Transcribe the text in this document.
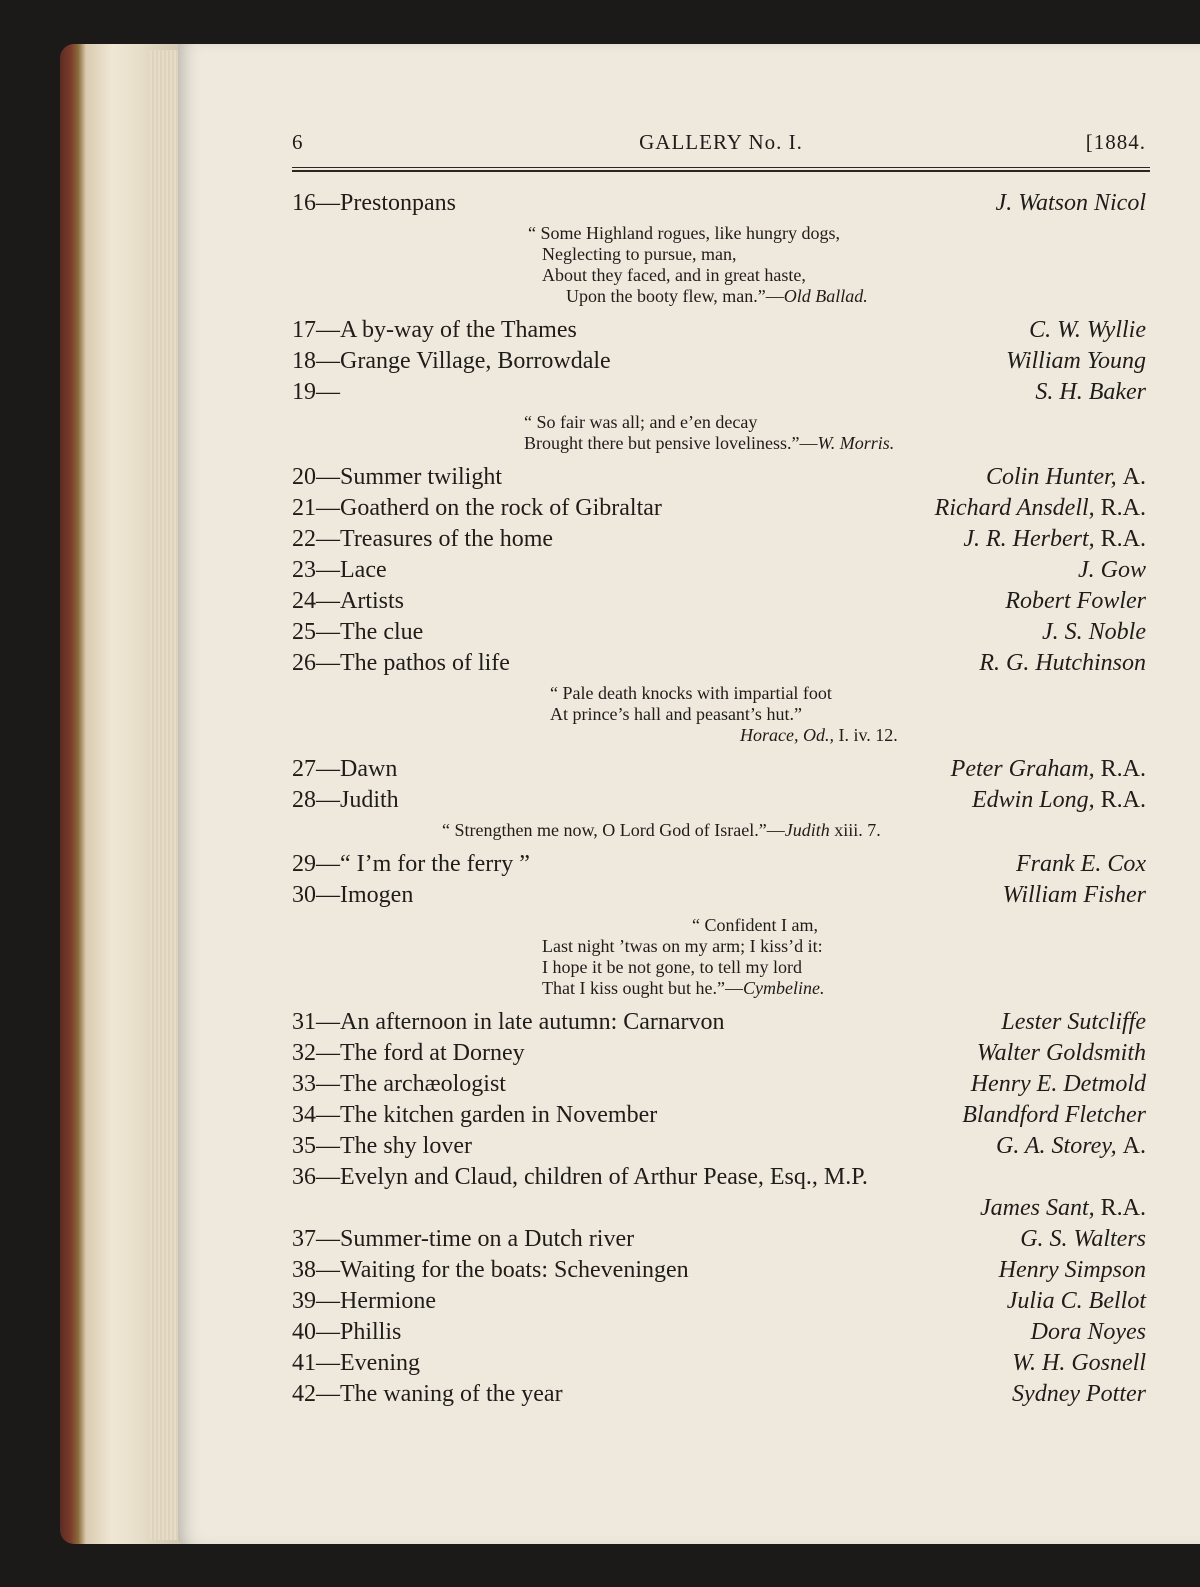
6	GALLERY No. I.	[1884.
16—Prestonpans	J. Watson Nicol
“ Some Highland rogues, like hungry dogs,
Neglecting to pursue, man,
About they faced, and in great haste,
Upon the booty flew, man.”—Old Ballad.
17—A by-way of the Thames	C. W. Wyllie
18—Grange Village, Borrowdale	William Young
19—	S. H. Baker
“ So fair was all; and e’en decay
Brought there but pensive loveliness.”—W. Morris.
20—Summer twilight	Colin Hunter, A.
21—Goatherd on the rock of Gibraltar	Richard Ansdell, R.A.
22—Treasures of the home	J. R. Herbert, R.A.
23—Lace	J. Gow
24—Artists	Robert Fowler
25—The clue	J. S. Noble
26—The pathos of life	R. G. Hutchinson
“ Pale death knocks with impartial foot
At prince’s hall and peasant’s hut.”
Horace, Od., I. iv. 12.
27—Dawn	Peter Graham, R.A.
28—Judith	Edwin Long, R.A.
“ Strengthen me now, O Lord God of Israel.”—Judith xiii. 7.
29—“ I’m for the ferry ”	Frank E. Cox
30—Imogen	William Fisher
“ Confident I am,
Last night ’twas on my arm; I kiss’d it:
I hope it be not gone, to tell my lord
That I kiss ought but he.”—Cymbeline.
31—An afternoon in late autumn: Carnarvon	Lester Sutcliffe
32—The ford at Dorney	Walter Goldsmith
33—The archæologist	Henry E. Detmold
34—The kitchen garden in November	Blandford Fletcher
35—The shy lover	G. A. Storey, A.
36—Evelyn and Claud, children of Arthur Pease, Esq., M.P.
James Sant, R.A.
37—Summer-time on a Dutch river	G. S. Walters
38—Waiting for the boats: Scheveningen	Henry Simpson
39—Hermione	Julia C. Bellot
40—Phillis	Dora Noyes
41—Evening	W. H. Gosnell
42—The waning of the year	Sydney Potter
